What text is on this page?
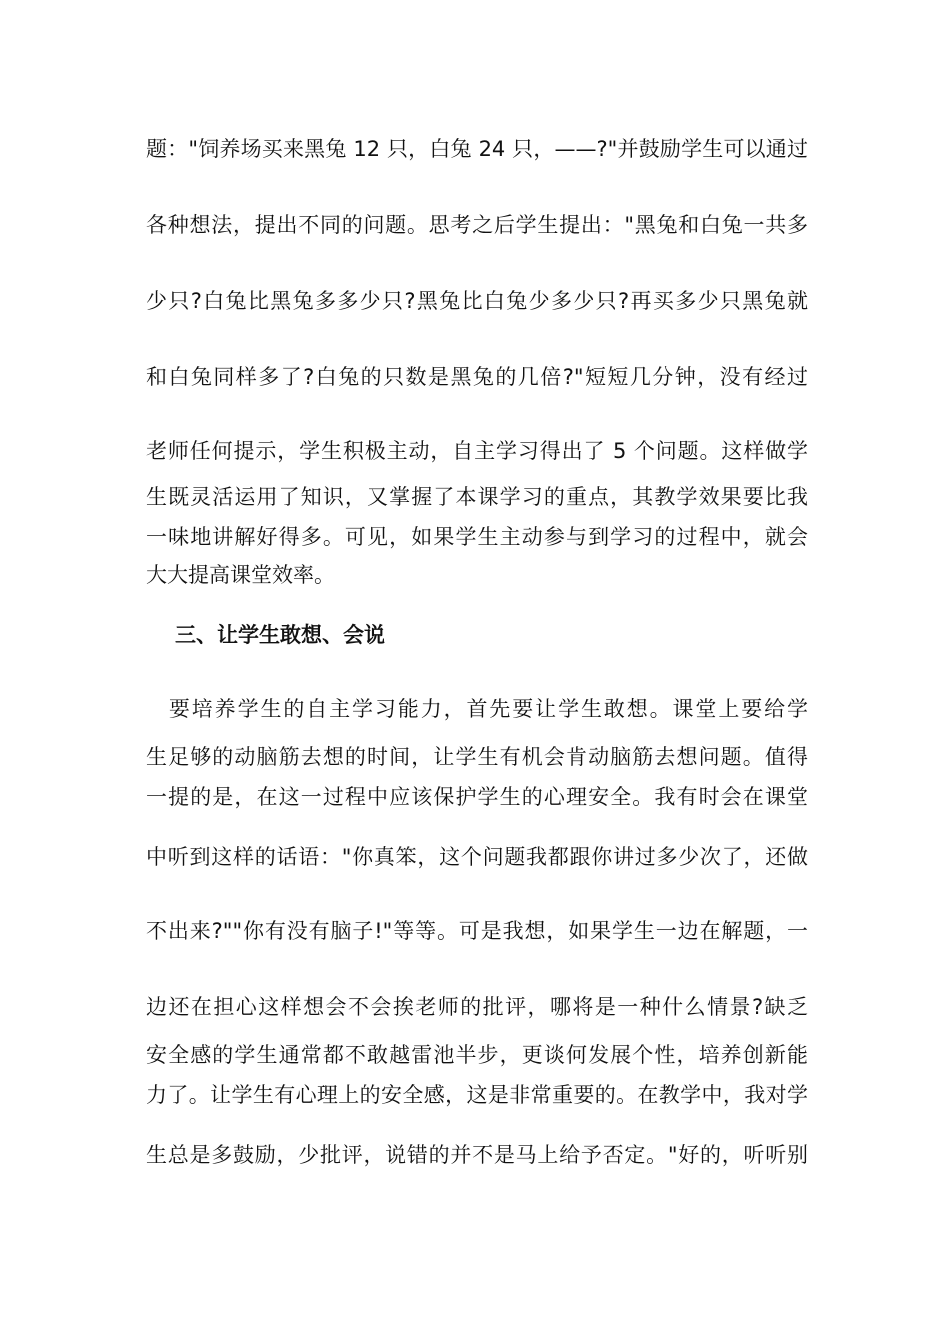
题："饲养场买来黑兔 12 只，白兔 24 只，——?"并鼓励学生可以通过
各种想法，提出不同的问题。思考之后学生提出："黑兔和白兔一共多
少只?白兔比黑兔多多少只?黑兔比白兔少多少只?再买多少只黑兔就
和白兔同样多了?白兔的只数是黑兔的几倍?"短短几分钟，没有经过
老师任何提示，学生积极主动，自主学习得出了 5 个问题。这样做学
生既灵活运用了知识，又掌握了本课学习的重点，其教学效果要比我
一味地讲解好得多。可见，如果学生主动参与到学习的过程中，就会
大大提高课堂效率。
三、让学生敢想、会说
　要培养学生的自主学习能力，首先要让学生敢想。课堂上要给学
生足够的动脑筋去想的时间，让学生有机会肯动脑筋去想问题。值得
一提的是，在这一过程中应该保护学生的心理安全。我有时会在课堂
中听到这样的话语："你真笨，这个问题我都跟你讲过多少次了，还做
不出来?""你有没有脑子!"等等。可是我想，如果学生一边在解题，一
边还在担心这样想会不会挨老师的批评，哪将是一种什么情景?缺乏
安全感的学生通常都不敢越雷池半步，更谈何发展个性，培养创新能
力了。让学生有心理上的安全感，这是非常重要的。在教学中，我对学
生总是多鼓励，少批评，说错的并不是马上给予否定。"好的，听听别
